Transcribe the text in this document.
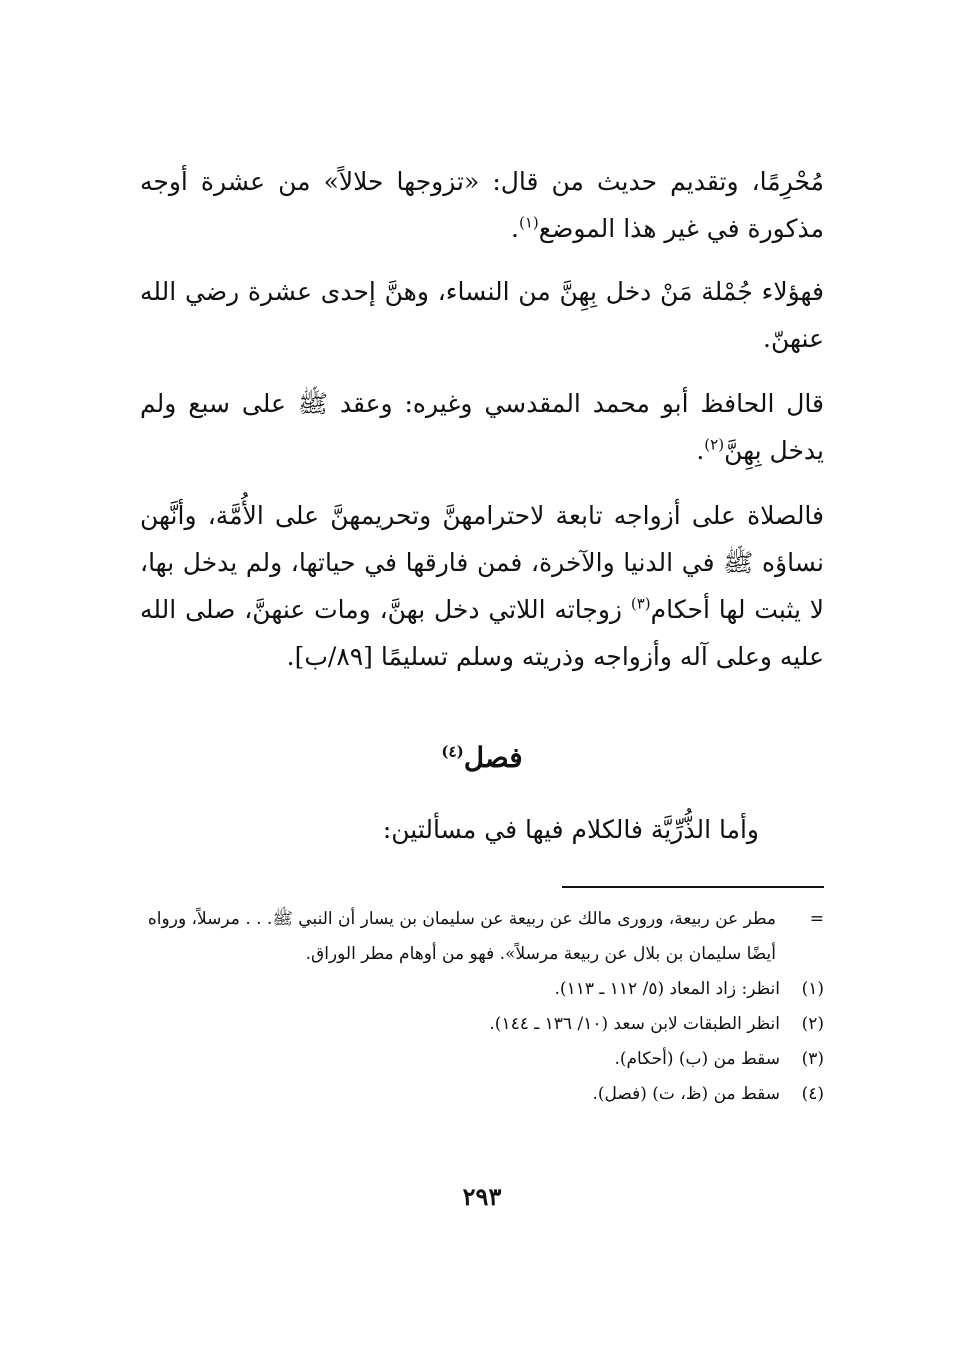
مُحْرِمًا، وتقديم حديث من قال: «تزوجها حلالاً» من عشرة أوجه مذكورة في غير هذا الموضع$^{(١)}$.
فهؤلاء جُمْلة مَنْ دخل بِهِنَّ من النساء، وهنَّ إحدى عشرة رضي الله عنهنّ.
قال الحافظ أبو محمد المقدسي وغيره: وعقد ﷺ على سبع ولم يدخل بِهِنَّ$^{(٢)}$.
فالصلاة على أزواجه تابعة لاحترامهنَّ وتحريمهنَّ على الأُمَّة، وأنَّهن نساؤه ﷺ في الدنيا والآخرة، فمن فارقها في حياتها، ولم يدخل بها، لا يثبت لها أحكام$^{(٣)}$ زوجاته اللاتي دخل بهنَّ، ومات عنهنَّ، صلى الله عليه وعلى آله وأزواجه وذريته وسلم تسليمًا [٨٩/ب].
فصل$^{(٤)}$
وأما الذُّرِّيَّة فالكلام فيها في مسألتين:
=
مطر عن ربيعة، ورورى مالك عن ربيعة عن سليمان بن يسار أن النبي ﷺ. . . مرسلاً، ورواه أيضًا سليمان بن بلال عن ربيعة مرسلاً». فهو من أوهام مطر الوراق.
(١)انظر: زاد المعاد (٥/ ١١٢ ـ ١١٣).
(٢)انظر الطبقات لابن سعد (١٠/ ١٣٦ ـ ١٤٤).
(٣)سقط من (ب) (أحكام).
(٤)سقط من (ظ، ت) (فصل).
٢٩٣
